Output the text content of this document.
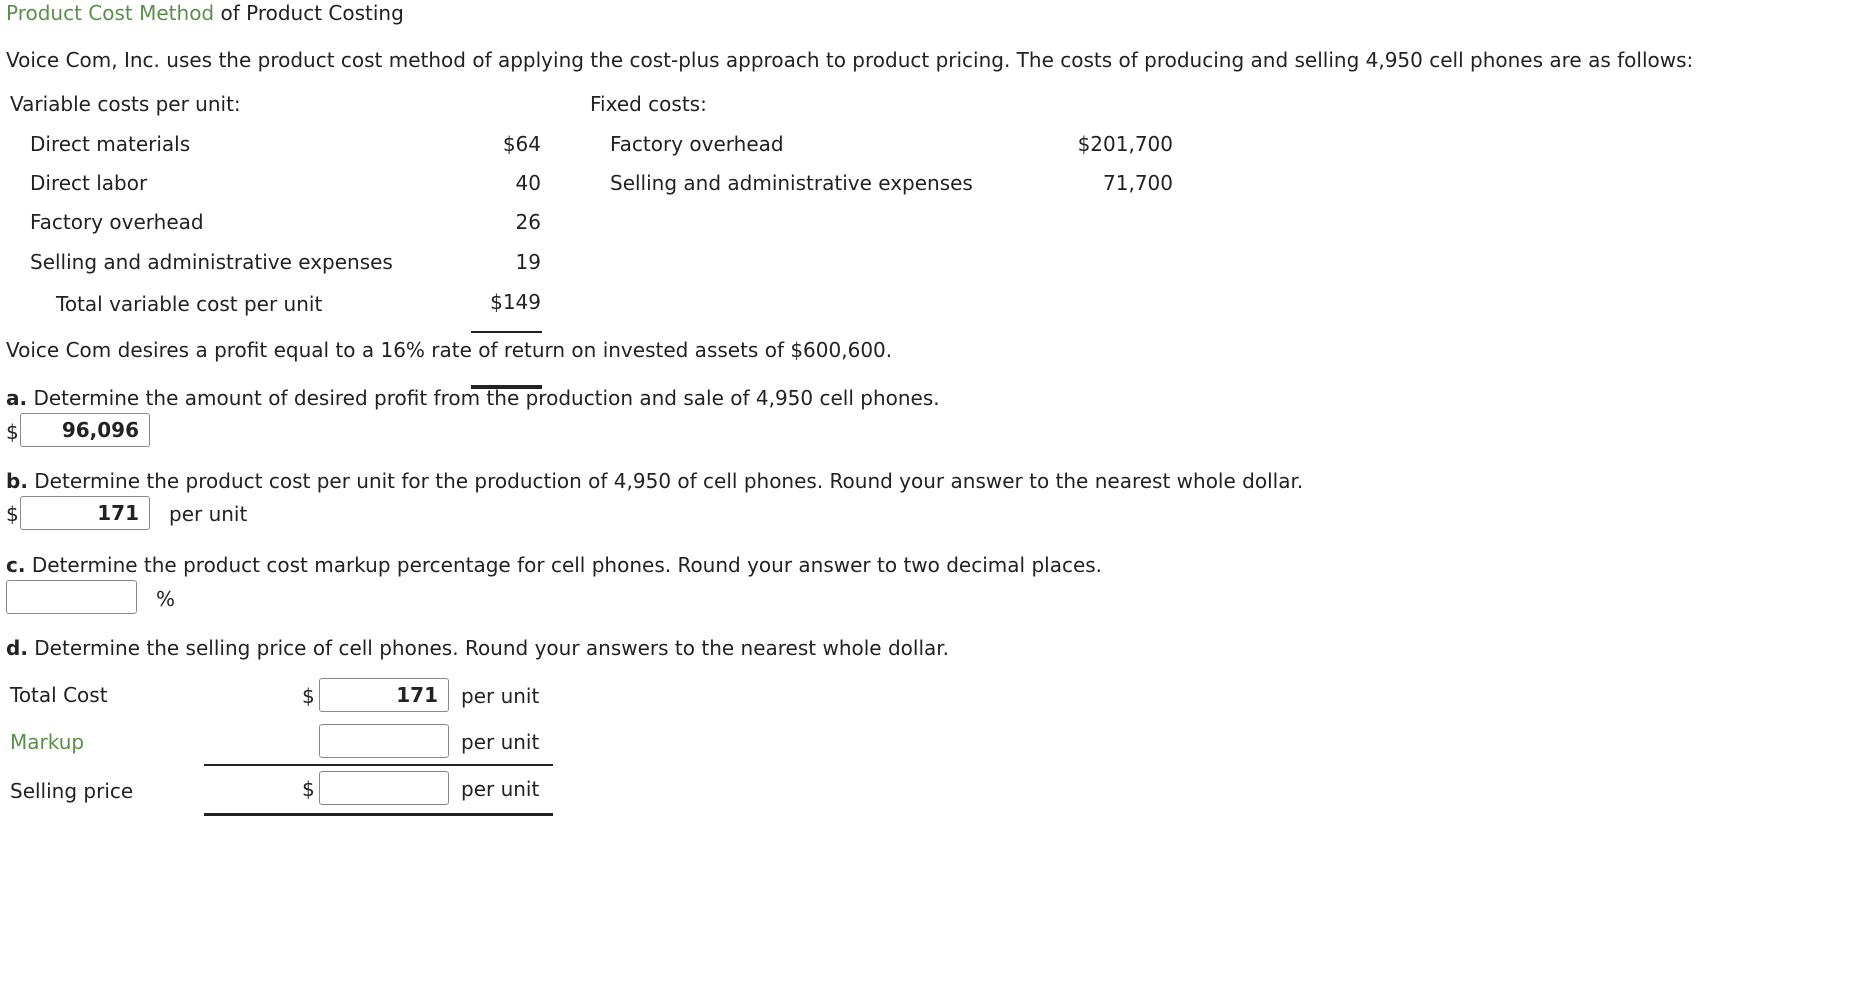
Product Cost Method of Product Costing
Voice Com, Inc. uses the product cost method of applying the cost-plus approach to product pricing. The costs of producing and selling 4,950 cell phones are as follows:
Variable costs per unit:
Direct materials	$64
Direct labor	40
Factory overhead	26
Selling and administrative expenses	19
Total variable cost per unit	$149
Fixed costs:
Factory overhead	$201,700
Selling and administrative expenses	71,700
Voice Com desires a profit equal to a 16% rate of return on invested assets of $600,600.
a. Determine the amount of desired profit from the production and sale of 4,950 cell phones.
$	96,096
b. Determine the product cost per unit for the production of 4,950 of cell phones. Round your answer to the nearest whole dollar.
$	171	per unit
c. Determine the product cost markup percentage for cell phones. Round your answer to two decimal places.
%
d. Determine the selling price of cell phones. Round your answers to the nearest whole dollar.
Total Cost	$	171	per unit
Markup	per unit
Selling price	$	per unit
